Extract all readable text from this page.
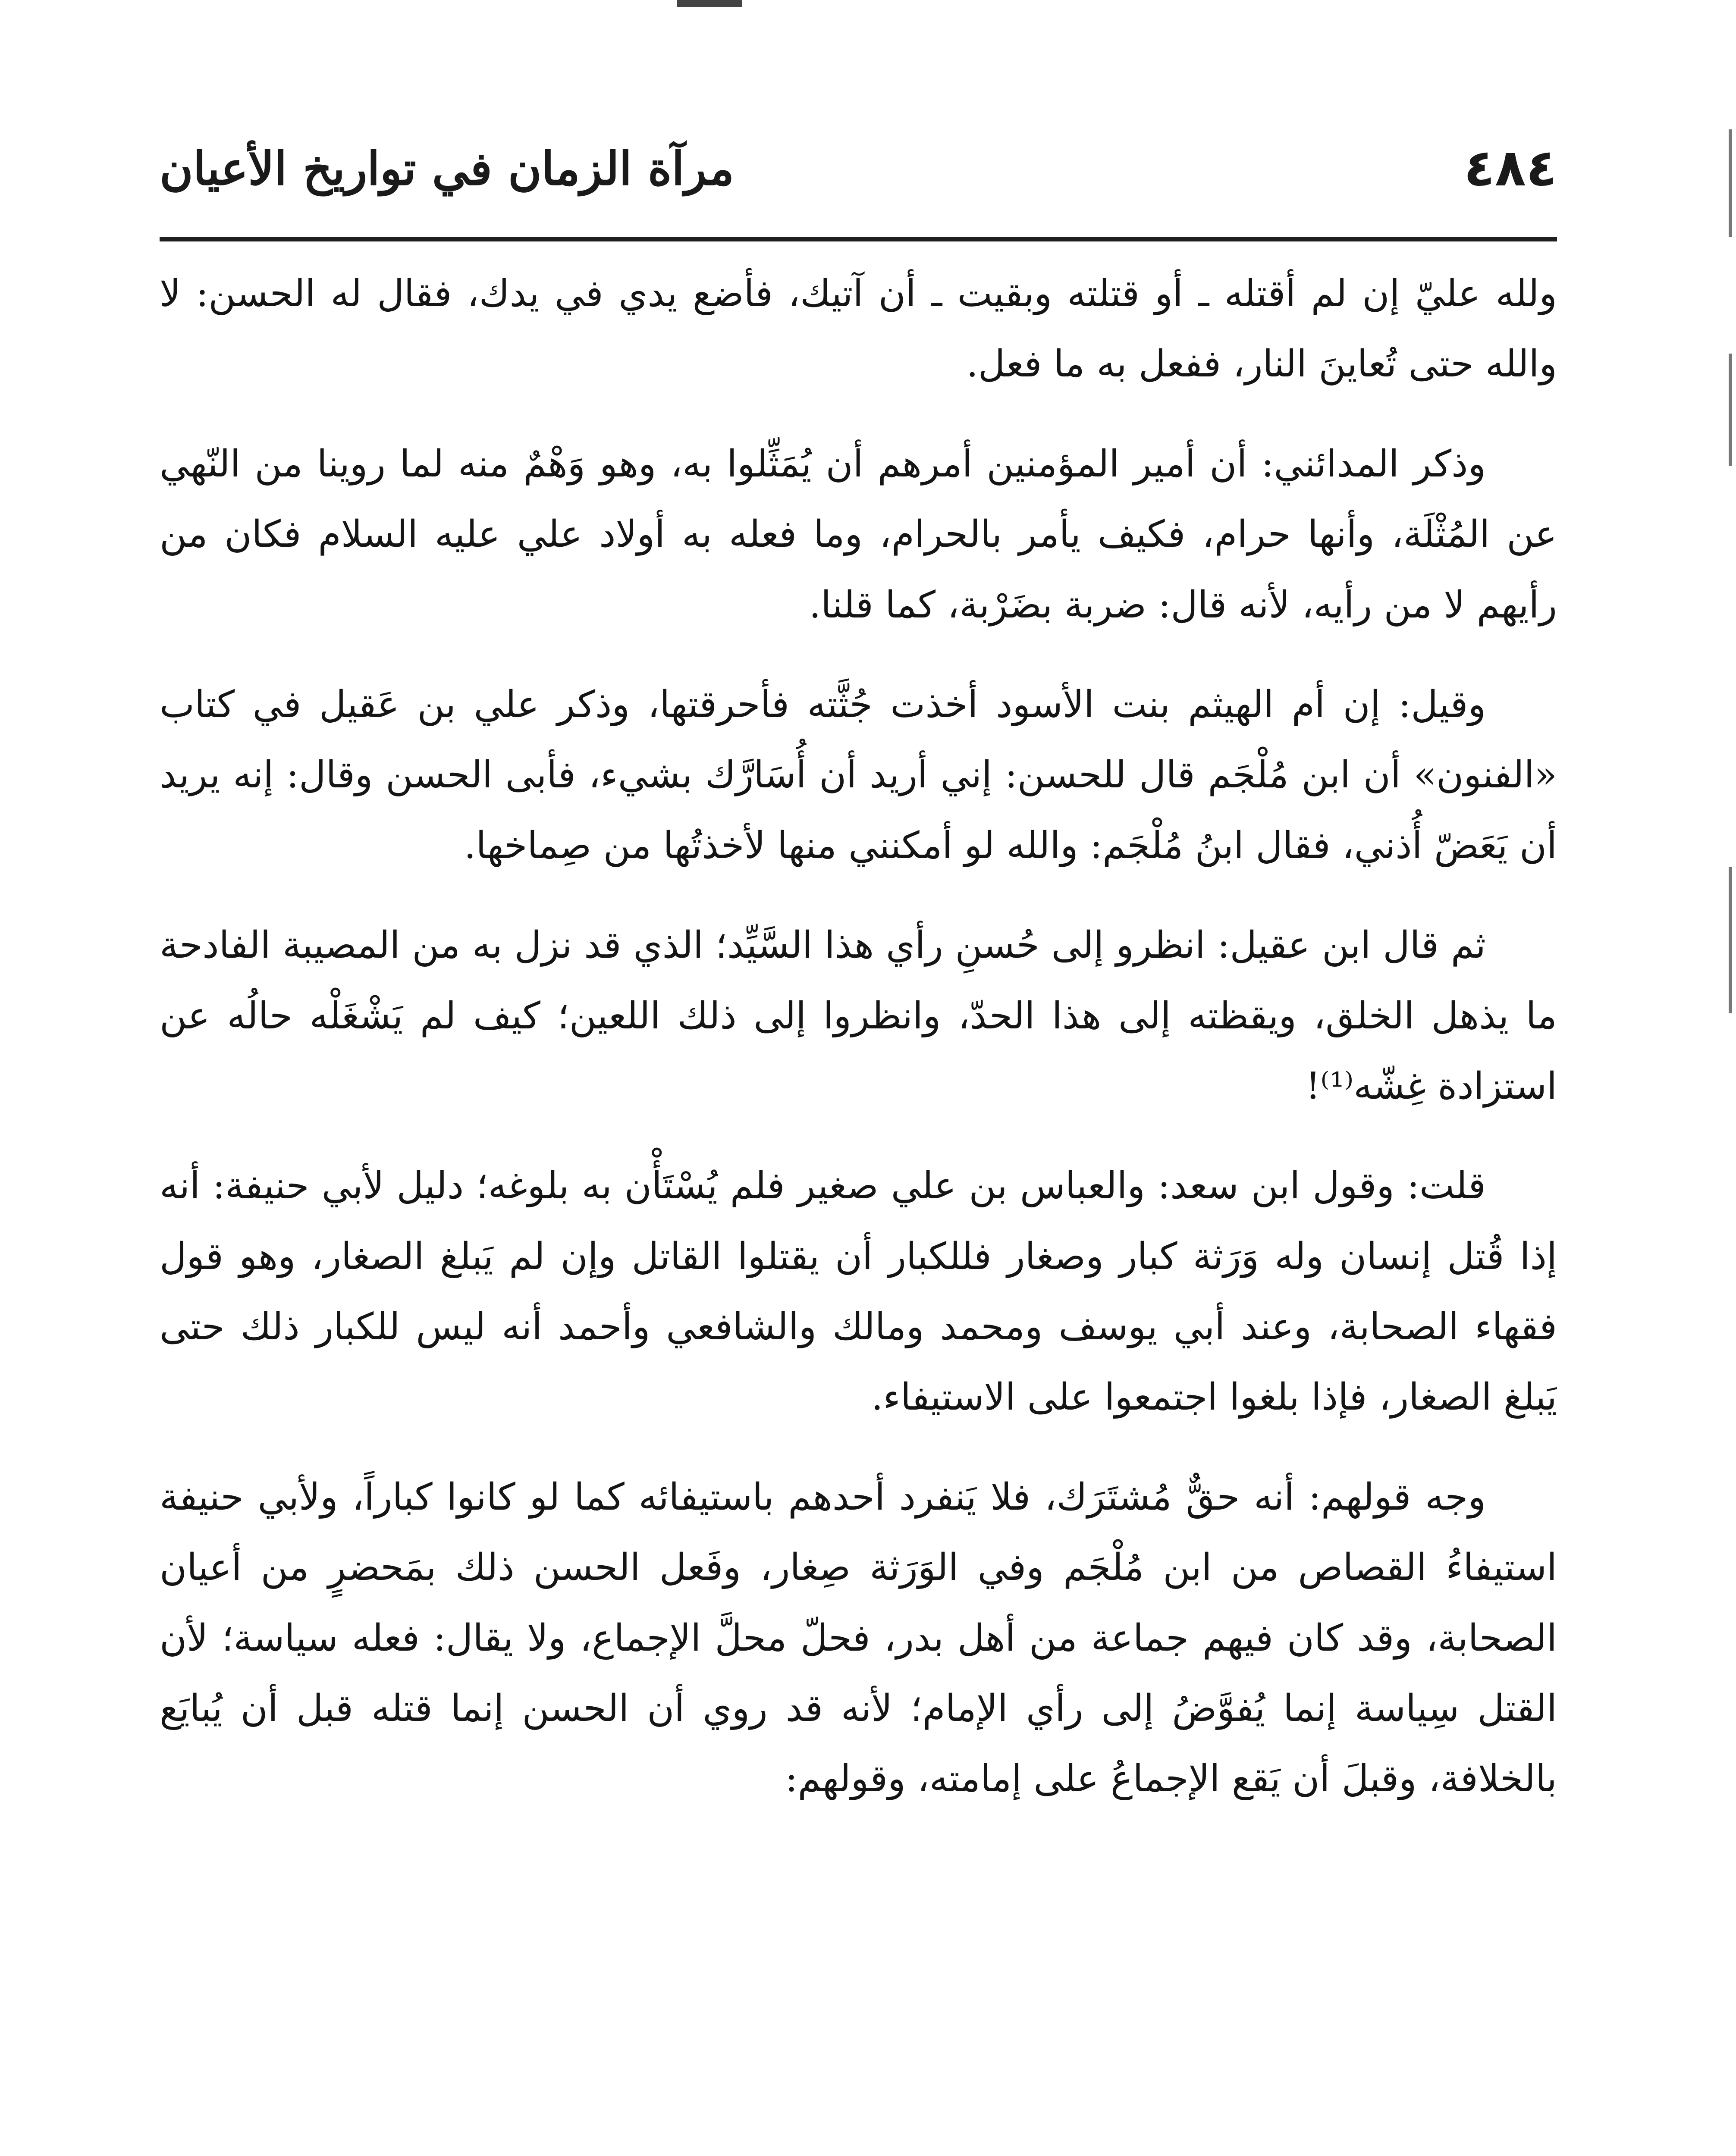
٤٨٤
مرآة الزمان في تواريخ الأعيان

ولله عليّ إن لم أقتله ـ أو قتلته وبقيت ـ أن آتيك، فأضع يدي في يدك، فقال له الحسن: لا والله حتى تُعاينَ النار، ففعل به ما فعل.

وذكر المدائني: أن أمير المؤمنين أمرهم أن يُمَثِّلوا به، وهو وَهْمٌ منه لما روينا من النّهي عن المُثْلَة، وأنها حرام، فكيف يأمر بالحرام، وما فعله به أولاد علي عليه السلام فكان من رأيهم لا من رأيه، لأنه قال: ضربة بضَرْبة، كما قلنا.

وقيل: إن أم الهيثم بنت الأسود أخذت جُثَّته فأحرقتها، وذكر علي بن عَقيل في كتاب «الفنون» أن ابن مُلْجَم قال للحسن: إني أريد أن أُسَارَّك بشيء، فأبى الحسن وقال: إنه يريد أن يَعَضّ أُذني، فقال ابنُ مُلْجَم: والله لو أمكنني منها لأخذتُها من صِماخها.

ثم قال ابن عقيل: انظرو إلى حُسنِ رأي هذا السَّيِّد؛ الذي قد نزل به من المصيبة الفادحة ما يذهل الخلق، ويقظته إلى هذا الحدّ، وانظروا إلى ذلك اللعين؛ كيف لم يَشْغَلْه حالُه عن استزادة غِشّه⁽¹⁾!

قلت: وقول ابن سعد: والعباس بن علي صغير فلم يُسْتَأْن به بلوغه؛ دليل لأبي حنيفة: أنه إذا قُتل إنسان وله وَرَثة كبار وصغار فللكبار أن يقتلوا القاتل وإن لم يَبلغ الصغار، وهو قول فقهاء الصحابة، وعند أبي يوسف ومحمد ومالك والشافعي وأحمد أنه ليس للكبار ذلك حتى يَبلغ الصغار، فإذا بلغوا اجتمعوا على الاستيفاء.

وجه قولهم: أنه حقٌّ مُشتَرَك، فلا يَنفرد أحدهم باستيفائه كما لو كانوا كباراً، ولأبي حنيفة استيفاءُ القصاص من ابن مُلْجَم وفي الوَرَثة صِغار، وفَعل الحسن ذلك بمَحضرٍ من أعيان الصحابة، وقد كان فيهم جماعة من أهل بدر، فحلّ محلَّ الإجماع، ولا يقال: فعله سياسة؛ لأن القتل سِياسة إنما يُفوَّضُ إلى رأي الإمام؛ لأنه قد روي أن الحسن إنما قتله قبل أن يُبايَع بالخلافة، وقبلَ أن يَقع الإجماعُ على إمامته، وقولهم:
